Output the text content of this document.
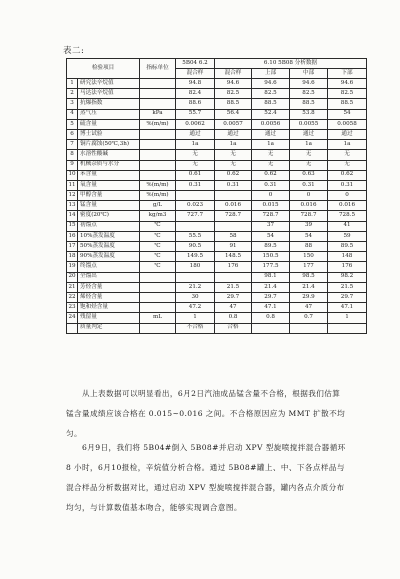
表二:
检验项目		指标单位	5B04 6.2	6.10 5B08 分析数据			
			混合样	混合样	上部	中部	下部
1	研究法辛烷值		94.8	94.6	94.6	94.6	94.6
2	马达法辛烷值		82.4	82.5	82.5	82.5	82.5
3	抗爆指数		88.6	88.5	88.5	88.5	88.5
4	蒸气压	kPa	55.7	56.4	52.4	53.8	54
5	硫含量	%(m/m)	0.0062	0.0057	0.0056	0.0055	0.0058
6	博士试验		通过	通过	通过	通过	通过
7	铜片腐蚀(50℃,3h)		1a	1a	1a	1a	1a
8	水溶性酸碱		无	无	无	无	无
9	机械杂质与水分		无	无	无	无	无
10	苯含量		0.61	0.62	0.62	0.63	0.62
11	氧含量	%(m/m)	0.31	0.31	0.31	0.31	0.31
12	甲醇含量	%(m/m)			0	0	0
13	锰含量	g/L	0.023	0.016	0.015	0.016	0.016
14	密度(20℃)	kg/m3	727.7	728.7	728.7	728.7	728.5
15	初馏点	℃			37	39	41
16	10%蒸发温度	℃	55.5	58	54	54	59
17	50%蒸发温度	℃	90.5	91	89.5	88	89.5
18	90%蒸发温度	℃	149.5	148.5	150.5	150	148
19	终馏点	℃	180	176	177.5	177	176
20	全馏出				98.1	98.5	98.2
21	芳烃含量		21.2	21.5	21.4	21.4	21.5
22	烯烃含量		30	29.7	29.7	29.9	29.7
23	饱和烃含量		47.2	47	47.1	47	47.1
24	残留量	mL	1	0.8	0.8	0.7	1
	质量判定		不合格	合格			
从上表数据可以明显看出，6月2日汽油成品锰含量不合格，根据我们估算锰含量成绩应该合格在 0.015~0.016 之间。不合格原因应为 MMT 扩散不均匀。
6月9日，我们将 5B04#倒入 5B08#并启动 XPV 型旋喷搅拌混合器循环 8 小时，6月10报检，辛烷值分析合格。通过 5B08#罐上、中、下各点样品与混合样品分析数据对比，通过启动 XPV 型旋喷搅拌混合器，罐内各点介质分布均匀，与计算数值基本吻合，能够实现调合意图。
